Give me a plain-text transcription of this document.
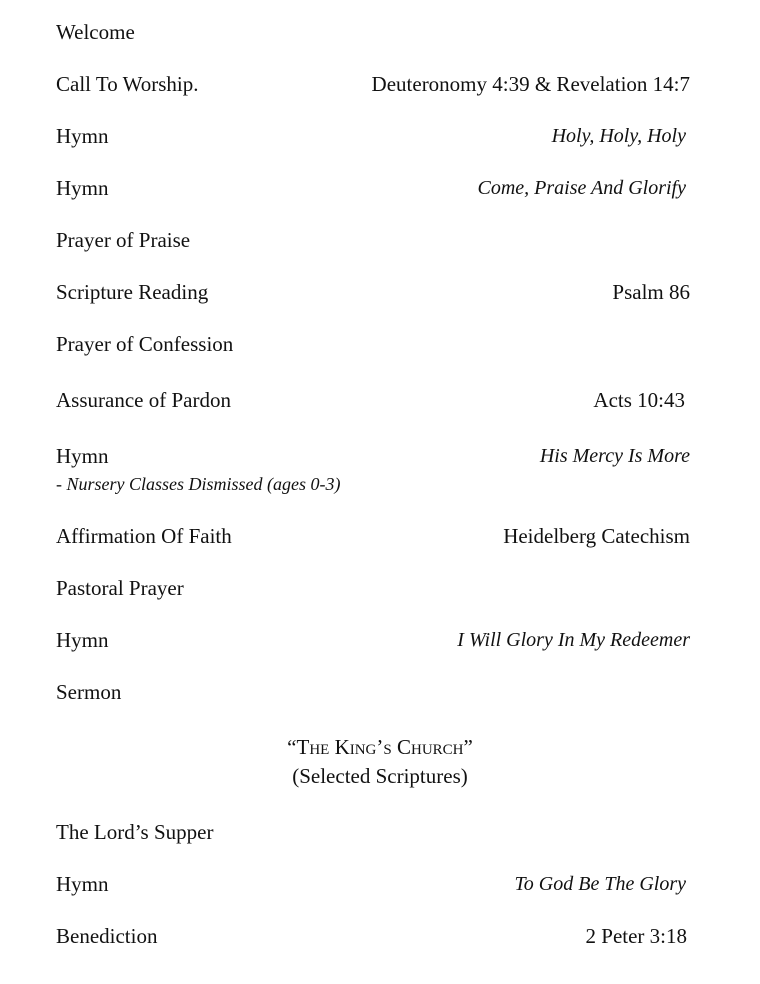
Welcome
Call To Worship.	Deuteronomy 4:39 & Revelation 14:7
Hymn	Holy, Holy, Holy
Hymn	Come, Praise And Glorify
Prayer of Praise
Scripture Reading	Psalm 86
Prayer of Confession
Assurance of Pardon	Acts 10:43
Hymn	His Mercy Is More
- Nursery Classes Dismissed (ages 0-3)
Affirmation Of Faith	Heidelberg Catechism
Pastoral Prayer
Hymn	I Will Glory In My Redeemer
Sermon
“The King’s Church”
(Selected Scriptures)
The Lord’s Supper
Hymn	To God Be The Glory
Benediction	2 Peter 3:18
